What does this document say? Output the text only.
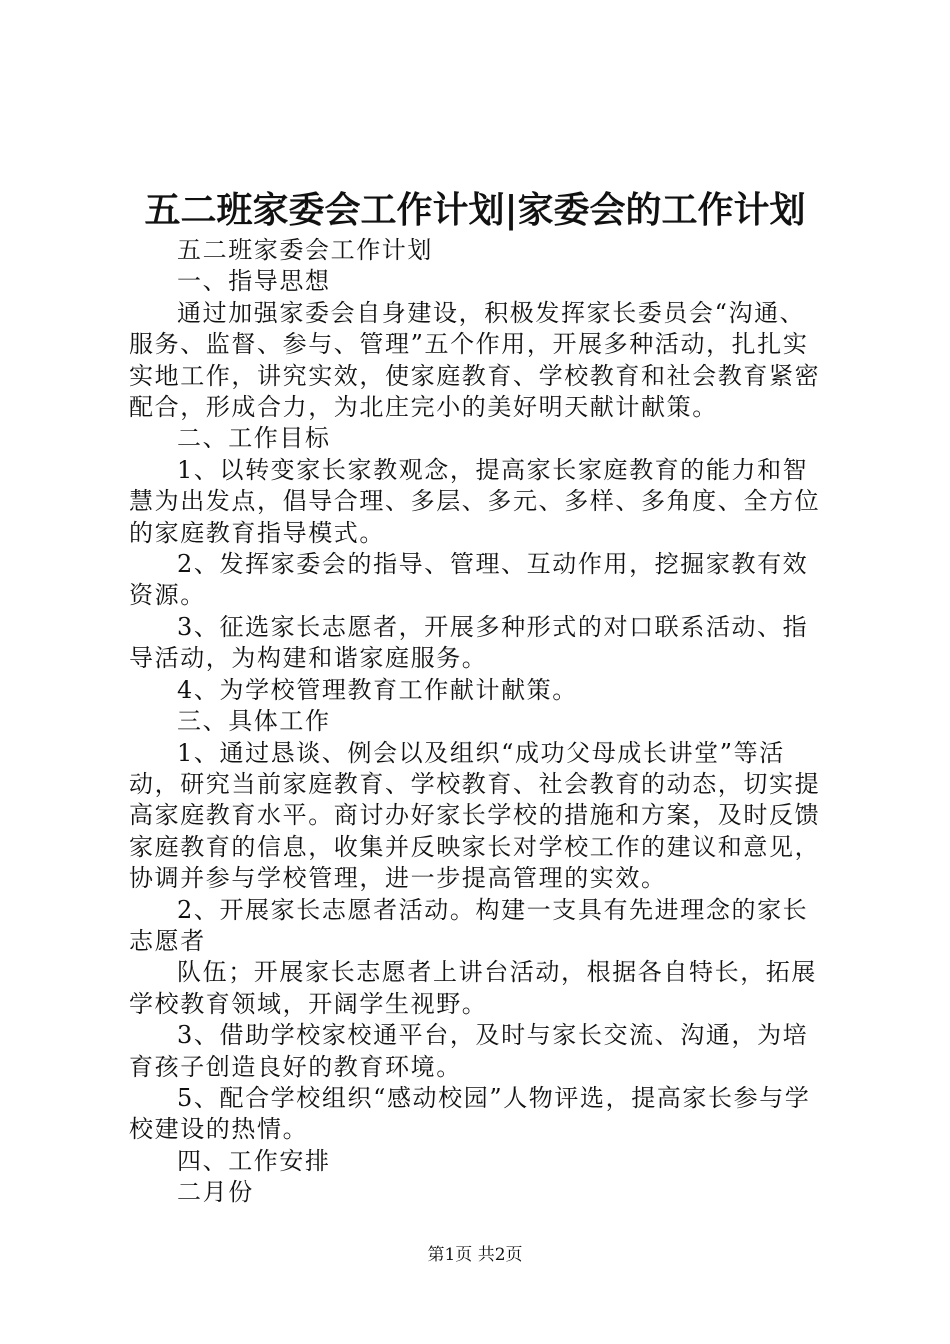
五二班家委会工作计划|家委会的工作计划

五二班家委会工作计划

一、指导思想

通过加强家委会自身建设，积极发挥家长委员会“沟通、服务、监督、参与、管理”五个作用，开展多种活动，扎扎实实地工作，讲究实效，使家庭教育、学校教育和社会教育紧密配合，形成合力，为北庄完小的美好明天献计献策。

二、工作目标

1、以转变家长家教观念，提高家长家庭教育的能力和智慧为出发点，倡导合理、多层、多元、多样、多角度、全方位的家庭教育指导模式。

2、发挥家委会的指导、管理、互动作用，挖掘家教有效资源。

3、征选家长志愿者，开展多种形式的对口联系活动、指导活动，为构建和谐家庭服务。

4、为学校管理教育工作献计献策。

三、具体工作

1、通过恳谈、例会以及组织“成功父母成长讲堂”等活动，研究当前家庭教育、学校教育、社会教育的动态，切实提高家庭教育水平。商讨办好家长学校的措施和方案，及时反馈家庭教育的信息，收集并反映家长对学校工作的建议和意见，协调并参与学校管理，进一步提高管理的实效。

2、开展家长志愿者活动。构建一支具有先进理念的家长志愿者

队伍；开展家长志愿者上讲台活动，根据各自特长，拓展学校教育领域，开阔学生视野。

3、借助学校家校通平台，及时与家长交流、沟通，为培育孩子创造良好的教育环境。

5、配合学校组织“感动校园”人物评选，提高家长参与学校建设的热情。

四、工作安排

二月份

第1页 共2页
